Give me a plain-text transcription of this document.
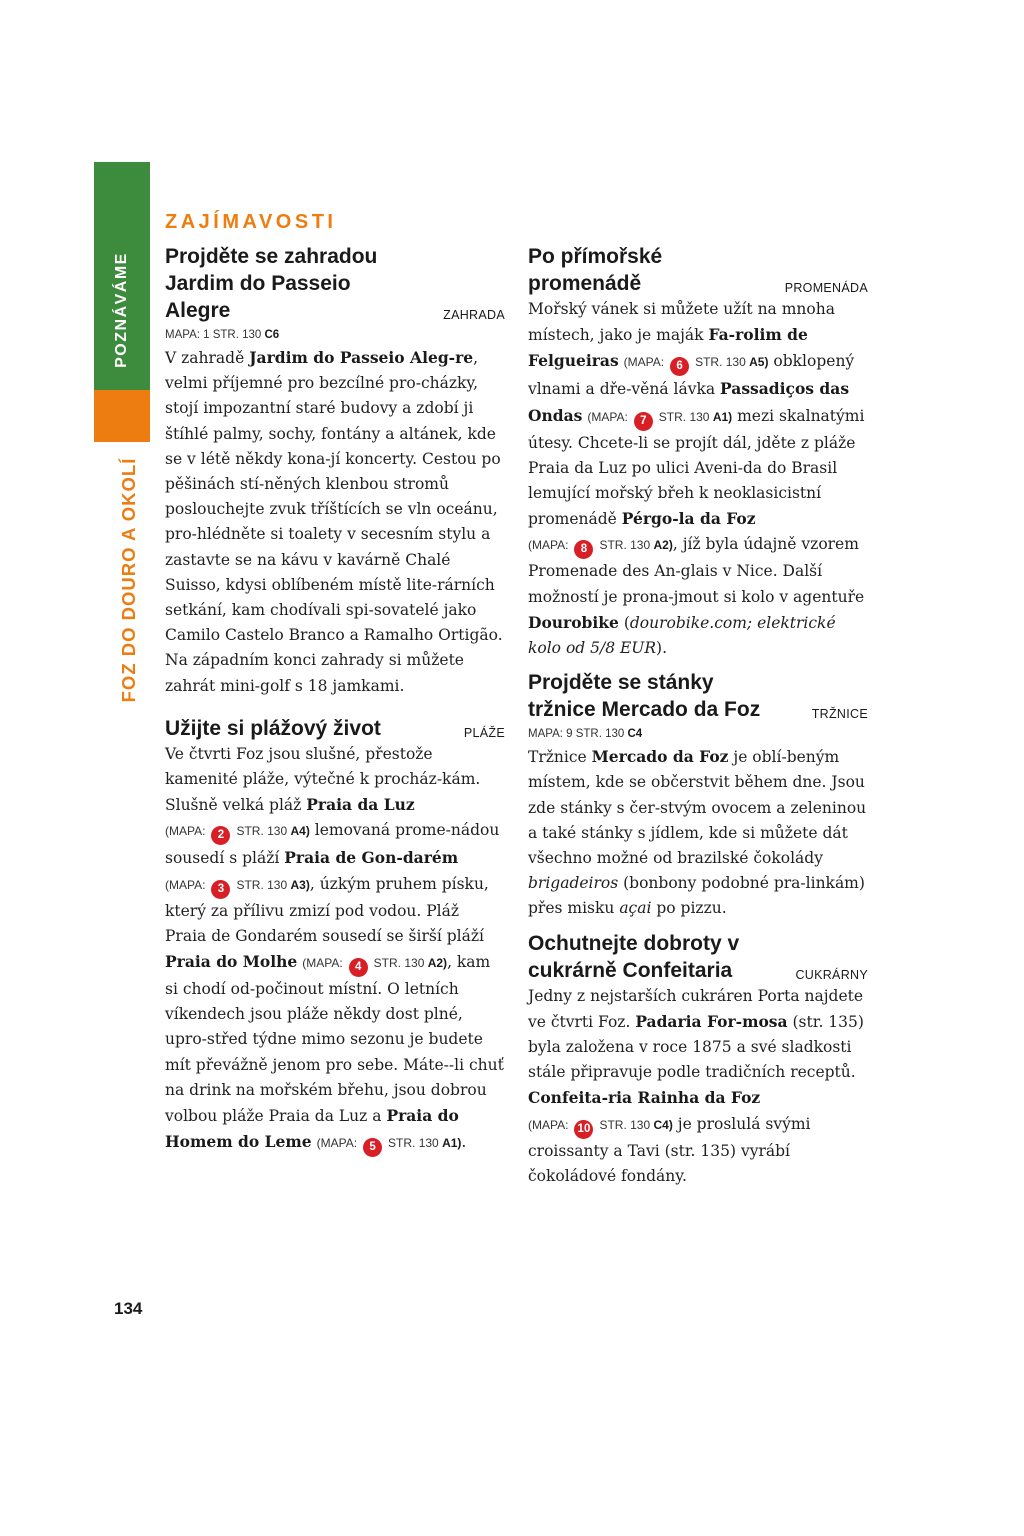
POZNÁVÁME
FOZ DO DOURO A OKOLÍ
ZAJÍMAVOSTI
Projděte se zahradou Jardim do Passeio Alegre	ZAHRADA
MAPA: 1 STR. 130 C6

V zahradě Jardim do Passeio Aleg-re, velmi příjemné pro bezcílné pro-cházky, stojí impozantní staré budovy a zdobí ji štíhlé palmy, sochy, fontány a altánek, kde se v létě někdy kona-jí koncerty. Cestou po pěšinách stí-něných klenbou stromů poslouchejte zvuk tříštících se vln oceánu, pro-hlédněte si toalety v secesním stylu a zastavte se na kávu v kavárně Chalé Suisso, kdysi oblíbeném místě lite-rárních setkání, kam chodívali spi-sovatelé jako Camilo Castelo Branco a Ramalho Ortigão. Na západním konci zahrady si můžete zahrát mini-golf s 18 jamkami.

Užijte si plážový život	PLÁŽE

Ve čtvrti Foz jsou slušné, přestože kamenité pláže, výtečné k procház-kám. Slušně velká pláž Praia da Luz (MAPA: 2 STR. 130 A4) lemovaná prome-nádou sousedí s pláží Praia de Gon-darém (MAPA: 3 STR. 130 A3), úzkým pruhem písku, který za přílivu zmizí pod vodou. Pláž Praia de Gondarém sousedí se širší pláží Praia do Molhe (MAPA: 4 STR. 130 A2), kam si chodí od-počinout místní. O letních víkendech jsou pláže někdy dost plné, upro-střed týdne mimo sezonu je budete mít převážně jenom pro sebe. Máte--li chuť na drink na mořském břehu, jsou dobrou volbou pláže Praia da Luz a Praia do Homem do Leme (MAPA: 5 STR. 130 A1).

Po přímořské promenádě	PROMENÁDA

Mořský vánek si můžete užít na mnoha místech, jako je maják Fa-rolim de Felgueiras (MAPA: 6 STR. 130 A5) obklopený vlnami a dře-věná lávka Passadiços das Ondas (MAPA: 7 STR. 130 A1) mezi skalnatými útesy. Chcete-li se projít dál, jděte z pláže Praia da Luz po ulici Aveni-da do Brasil lemující mořský břeh k neoklasicistní promenádě Pérgo-la da Foz (MAPA: 8 STR. 130 A2), jíž byla údajně vzorem Promenade des An-glais v Nice. Další možností je prona-jmout si kolo v agentuře Dourobike (dourobike.com; elektrické kolo od 5/8 EUR).

Projděte se stánky tržnice Mercado da Foz	TRŽNICE
MAPA: 9 STR. 130 C4

Tržnice Mercado da Foz je oblí-beným místem, kde se občerstvit během dne. Jsou zde stánky s čer-stvým ovocem a zeleninou a také stánky s jídlem, kde si můžete dát všechno možné od brazilské čokolády brigadeiros (bonbony podobné pra-linkám) přes misku açai po pizzu.

Ochutnejte dobroty v cukrárně Confeitaria	CUKRÁRNY

Jedny z nejstarších cukráren Porta najdete ve čtvrti Foz. Padaria For-mosa (str. 135) byla založena v roce 1875 a své sladkosti stále připravuje podle tradičních receptů. Confeita-ria Rainha da Foz (MAPA: 10 STR. 130 C4) je proslulá svými croissanty a Tavi (str. 135) vyrábí čokoládové fondány.

134
